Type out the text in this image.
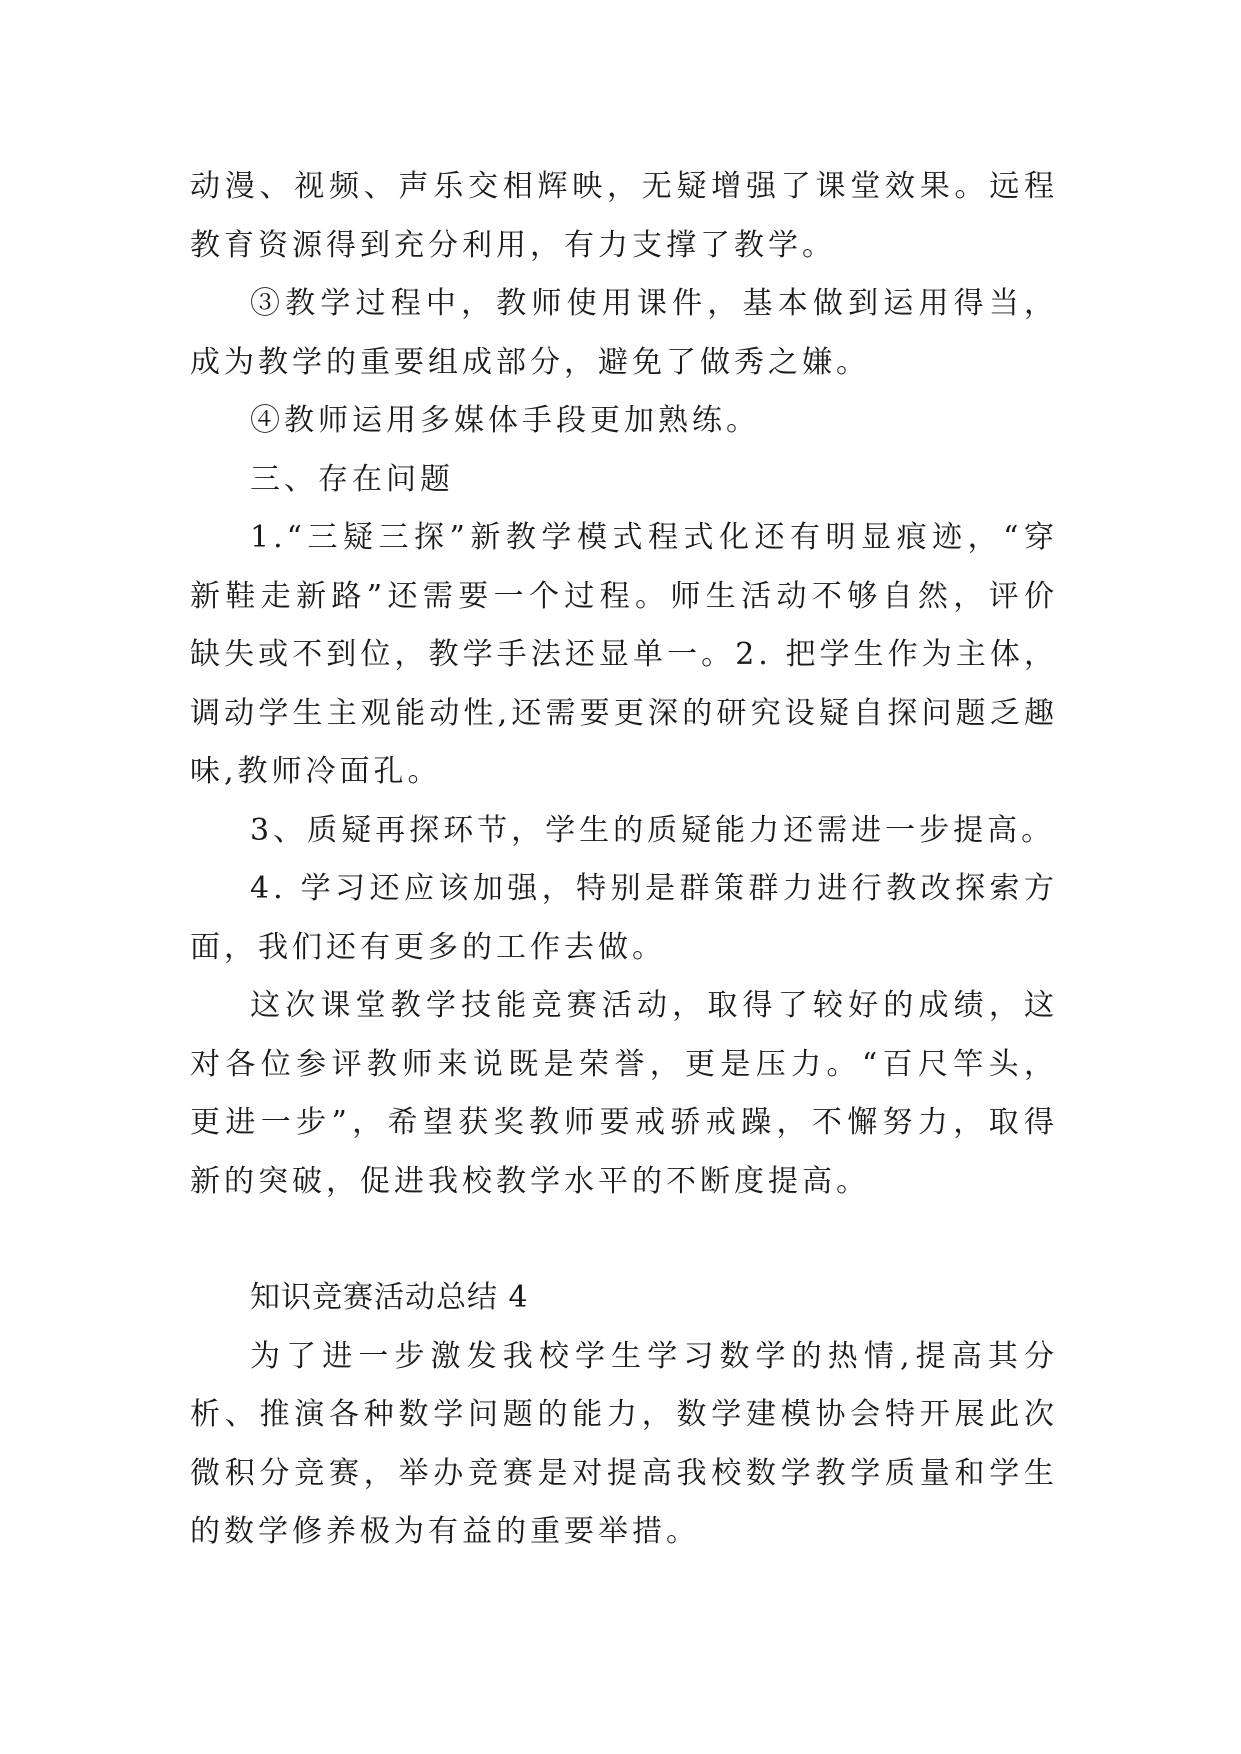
动漫、视频、声乐交相辉映，无疑增强了课堂效果。远程教育资源得到充分利用，有力支撑了教学。

③教学过程中，教师使用课件，基本做到运用得当，成为教学的重要组成部分，避免了做秀之嫌。

④教师运用多媒体手段更加熟练。

三、存在问题

1.“三疑三探”新教学模式程式化还有明显痕迹，“穿新鞋走新路”还需要一个过程。师生活动不够自然，评价缺失或不到位，教学手法还显单一。2. 把学生作为主体，调动学生主观能动性,还需要更深的研究设疑自探问题乏趣味,教师冷面孔。

3、质疑再探环节，学生的质疑能力还需进一步提高。

4. 学习还应该加强，特别是群策群力进行教改探索方面，我们还有更多的工作去做。

这次课堂教学技能竞赛活动，取得了较好的成绩，这对各位参评教师来说既是荣誉，更是压力。“百尺竿头，更进一步”，希望获奖教师要戒骄戒躁，不懈努力，取得新的突破，促进我校教学水平的不断度提高。

知识竞赛活动总结 4

为了进一步激发我校学生学习数学的热情,提高其分析、推演各种数学问题的能力，数学建模协会特开展此次微积分竞赛，举办竞赛是对提高我校数学教学质量和学生的数学修养极为有益的重要举措。
